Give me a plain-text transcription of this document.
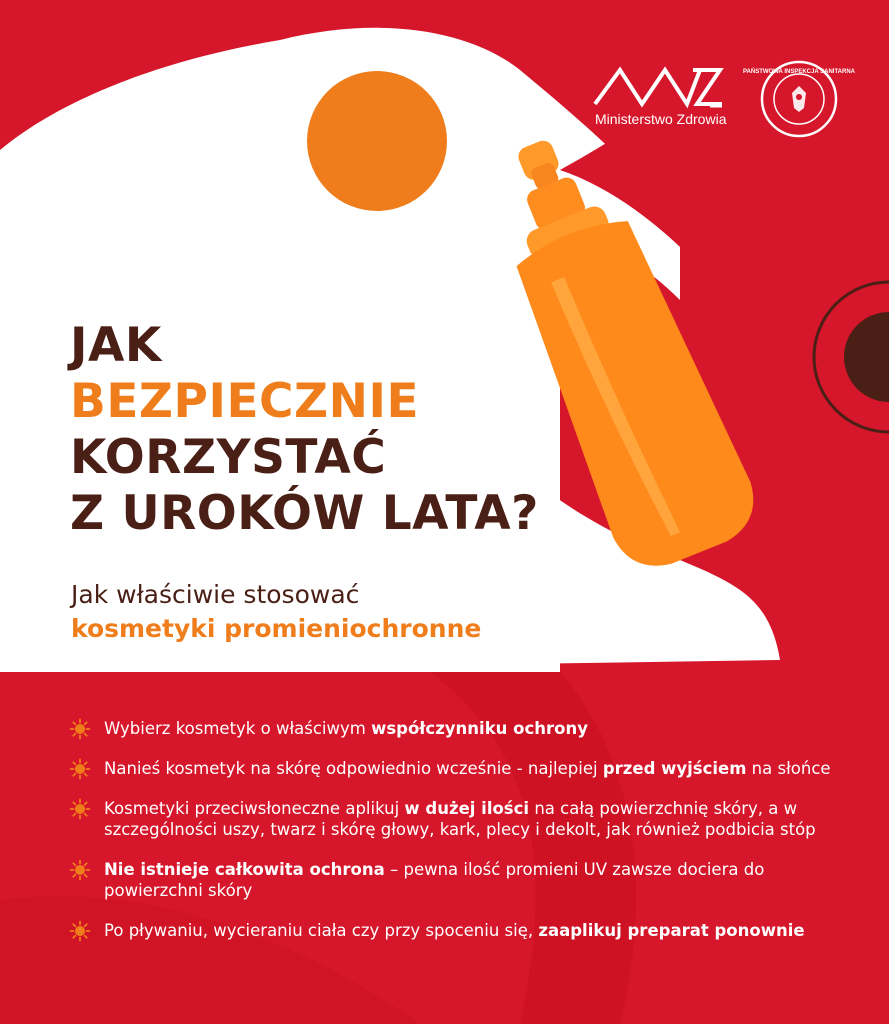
Ministerstwo Zdrowia
PAŃSTWOWA INSPEKCJA SANITARNA
JAK
BEZPIECZNIE
KORZYSTAĆ
Z UROKÓW LATA?
Jak właściwie stosować
kosmetyki promieniochronne
Wybierz kosmetyk o właściwym współczynniku ochrony
Nanieś kosmetyk na skórę odpowiednio wcześnie - najlepiej przed wyjściem na słońce
Kosmetyki przeciwsłoneczne aplikuj w dużej ilości na całą powierzchnię skóry, a w szczególności uszy, twarz i skórę głowy, kark, plecy i dekolt, jak również podbicia stóp
Nie istnieje całkowita ochrona – pewna ilość promieni UV zawsze dociera do powierzchni skóry
Po pływaniu, wycieraniu ciała czy przy spoceniu się, zaaplikuj preparat ponownie
